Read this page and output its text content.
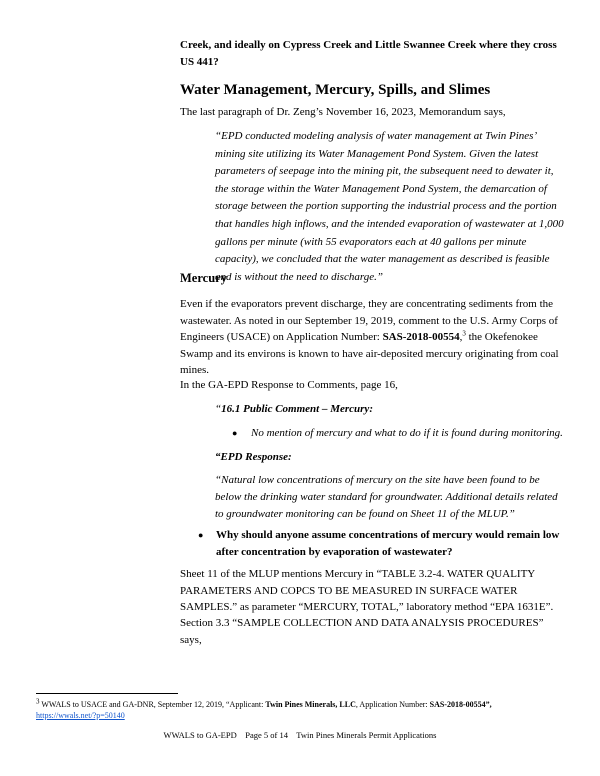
Creek, and ideally on Cypress Creek and Little Swannee Creek where they cross US 441?
Water Management, Mercury, Spills, and Slimes
The last paragraph of Dr. Zeng’s November 16, 2023, Memorandum says,
“EPD conducted modeling analysis of water management at Twin Pines’ mining site utilizing its Water Management Pond System. Given the latest parameters of seepage into the mining pit, the subsequent need to dewater it, the storage within the Water Management Pond System, the demarcation of storage between the portion supporting the industrial process and the portion that handles high inflows, and the intended evaporation of wastewater at 1,000 gallons per minute (with 55 evaporators each at 40 gallons per minute capacity), we concluded that the water management as described is feasible and is without the need to discharge.”
Mercury
Even if the evaporators prevent discharge, they are concentrating sediments from the wastewater. As noted in our September 19, 2019, comment to the U.S. Army Corps of Engineers (USACE) on Application Number: SAS-2018-00554,$^3$ the Okefenokee Swamp and its environs is known to have air-deposited mercury originating from coal mines.
In the GA-EPD Response to Comments, page 16,
“16.1 Public Comment – Mercury:
● No mention of mercury and what to do if it is found during monitoring.
“EPD Response:
“Natural low concentrations of mercury on the site have been found to be below the drinking water standard for groundwater. Additional details related to groundwater monitoring can be found on Sheet 11 of the MLUP.”
● Why should anyone assume concentrations of mercury would remain low after concentration by evaporation of wastewater?
Sheet 11 of the MLUP mentions Mercury in “TABLE 3.2-4. WATER QUALITY PARAMETERS AND COPCS TO BE MEASURED IN SURFACE WATER SAMPLES.” as parameter “MERCURY, TOTAL,” laboratory method “EPA 1631E”.
Section 3.3 “SAMPLE COLLECTION AND DATA ANALYSIS PROCEDURES” says,
$^3$ WWALS to USACE and GA-DNR, September 12, 2019, “Applicant: Twin Pines Minerals, LLC, Application Number: SAS-2018-00554”,
https://wwals.net/?p=50140
WWALS to GA-EPD    Page 5 of 14    Twin Pines Minerals Permit Applications
